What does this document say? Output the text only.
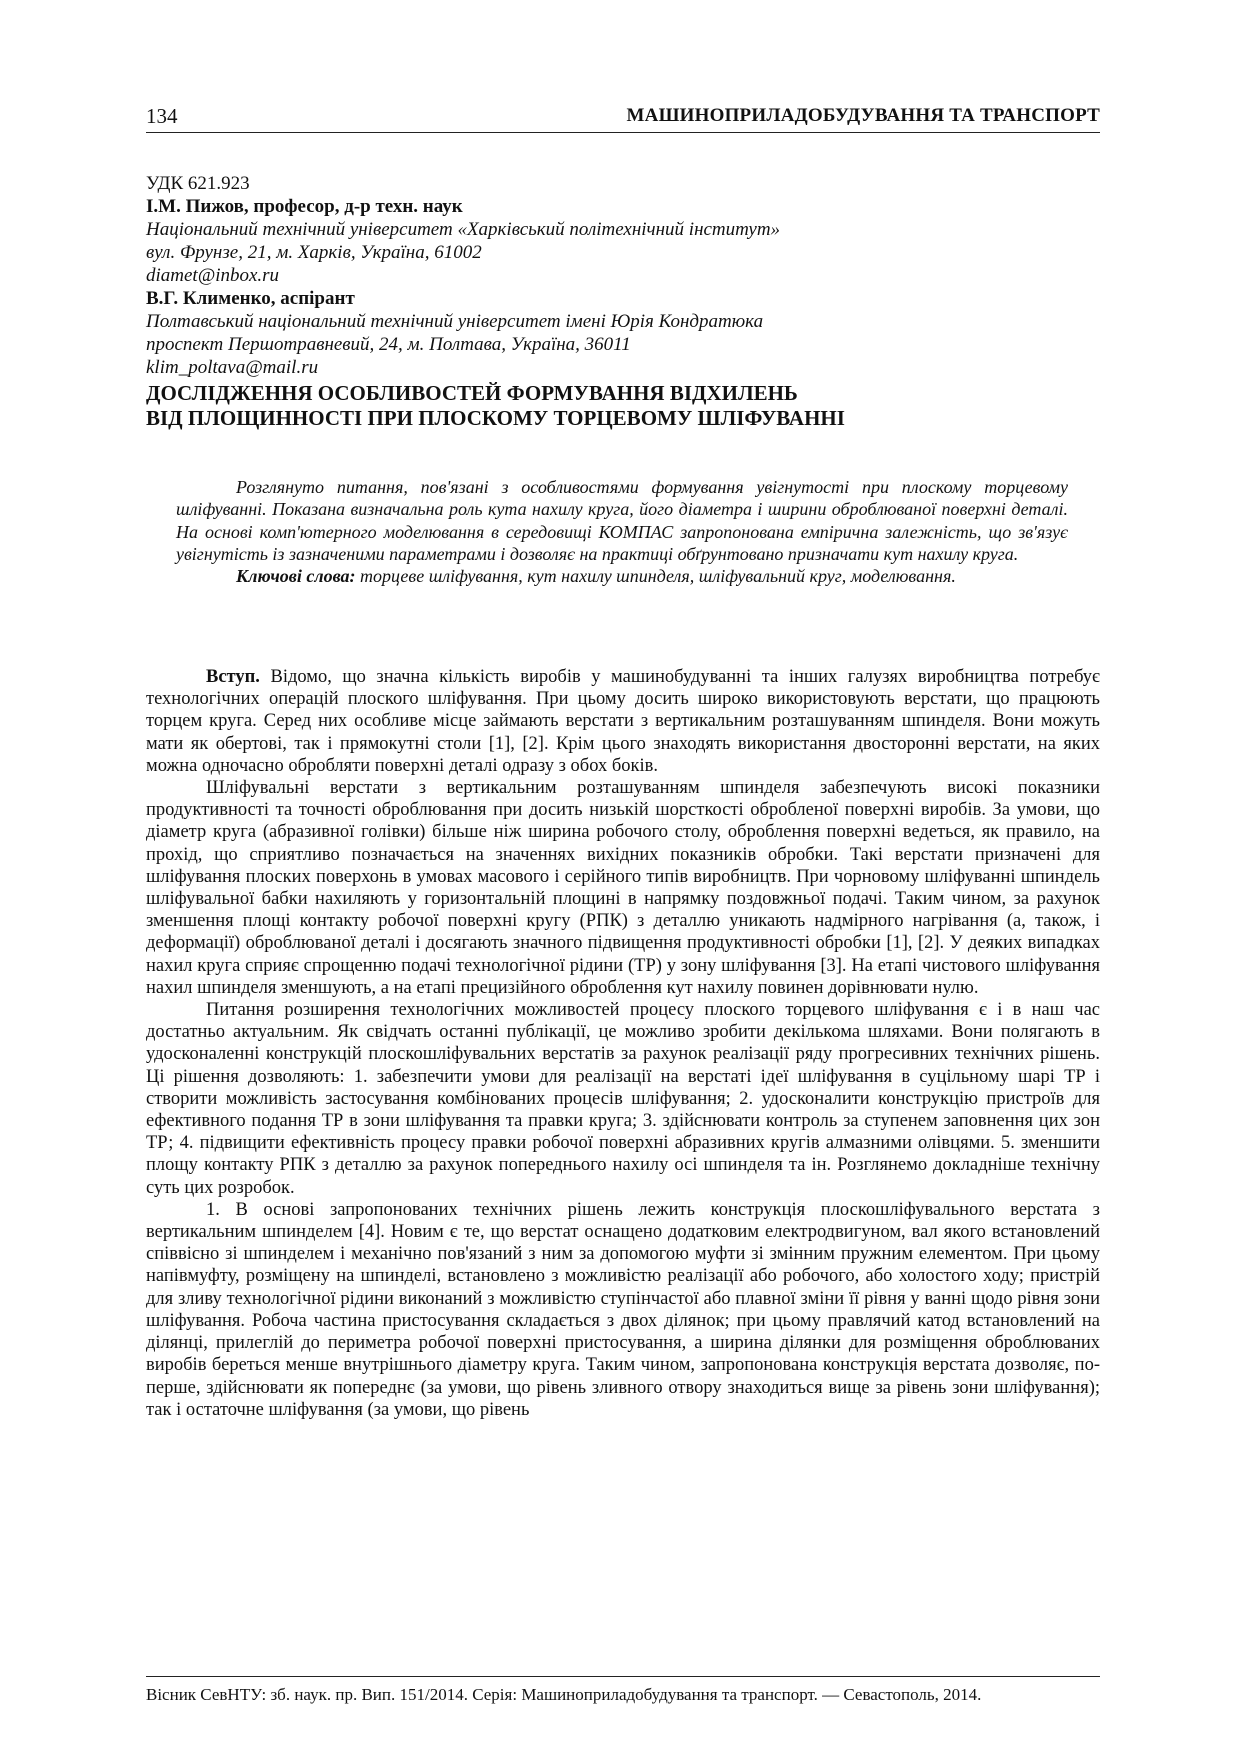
134	МАШИНОПРИЛАДОБУДУВАННЯ ТА ТРАНСПОРТ
УДК 621.923
І.М. Пижов, професор, д-р техн. наук
Національний технічний університет «Харківський політехнічний інститут»
вул. Фрунзе, 21, м. Харків, Україна, 61002
diamet@inbox.ru
В.Г. Клименко, аспірант
Полтавський національний технічний університет імені Юрія Кондратюка
проспект Першотравневий, 24, м. Полтава, Україна, 36011
klim_poltava@mail.ru
ДОСЛІДЖЕННЯ ОСОБЛИВОСТЕЙ ФОРМУВАННЯ ВІДХИЛЕНЬ
ВІД ПЛОЩИННОСТІ ПРИ ПЛОСКОМУ ТОРЦЕВОМУ ШЛІФУВАННІ

Розглянуто питання, пов'язані з особливостями формування увігнутості при плоскому торцевому шліфуванні. Показана визначальна роль кута нахилу круга, його діаметра і ширини оброблюваної поверхні деталі. На основі комп'ютерного моделювання в середовищі КОМПАС запропонована емпірична залежність, що зв'язує увігнутість із зазначеними параметрами і дозволяє на практиці обґрунтовано призначати кут нахилу круга.

Ключові слова: торцеве шліфування, кут нахилу шпинделя, шліфувальний круг, моделювання.

Вступ. Відомо, що значна кількість виробів у машинобудуванні та інших галузях виробництва потребує технологічних операцій плоского шліфування. При цьому досить широко використовують верстати, що працюють торцем круга. Серед них особливе місце займають верстати з вертикальним розташуванням шпинделя. Вони можуть мати як обертові, так і прямокутні столи [1], [2]. Крім цього знаходять використання двосторонні верстати, на яких можна одночасно обробляти поверхні деталі одразу з обох боків.

Шліфувальні верстати з вертикальним розташуванням шпинделя забезпечують високі показники продуктивності та точності оброблювання при досить низькій шорсткості обробленої поверхні виробів. За умови, що діаметр круга (абразивної голівки) більше ніж ширина робочого столу, оброблення поверхні ведеться, як правило, на прохід, що сприятливо позначається на значеннях вихідних показників обробки. Такі верстати призначені для шліфування плоских поверхонь в умовах масового і серійного типів виробництв. При чорновому шліфуванні шпиндель шліфувальної бабки нахиляють у горизонтальній площині в напрямку поздовжньої подачі. Таким чином, за рахунок зменшення площі контакту робочої поверхні кругу (РПК) з деталлю уникають надмірного нагрівання (а, також, і деформації) оброблюваної деталі і досягають значного підвищення продуктивності обробки [1], [2]. У деяких випадках нахил круга сприяє спрощенню подачі технологічної рідини (ТР) у зону шліфування [3]. На етапі чистового шліфування нахил шпинделя зменшують, а на етапі прецизійного оброблення кут нахилу повинен дорівнювати нулю.

Питання розширення технологічних можливостей процесу плоского торцевого шліфування є і в наш час достатньо актуальним. Як свідчать останні публікації, це можливо зробити декількома шляхами. Вони полягають в удосконаленні конструкцій плоскошліфувальних верстатів за рахунок реалізації ряду прогресивних технічних рішень. Ці рішення дозволяють: 1. забезпечити умови для реалізації на верстаті ідеї шліфування в суцільному шарі ТР і створити можливість застосування комбінованих процесів шліфування; 2. удосконалити конструкцію пристроїв для ефективного подання ТР в зони шліфування та правки круга; 3. здійснювати контроль за ступенем заповнення цих зон ТР; 4. підвищити ефективність процесу правки робочої поверхні абразивних кругів алмазними олівцями. 5. зменшити площу контакту РПК з деталлю за рахунок попереднього нахилу осі шпинделя та ін. Розглянемо докладніше технічну суть цих розробок.

1. В основі запропонованих технічних рішень лежить конструкція плоскошліфувального верстата з вертикальним шпинделем [4]. Новим є те, що верстат оснащено додатковим електродвигуном, вал якого встановлений співвісно зі шпинделем і механічно пов'язаний з ним за допомогою муфти зі змінним пружним елементом. При цьому напівмуфту, розміщену на шпинделі, встановлено з можливістю реалізації або робочого, або холостого ходу; пристрій для зливу технологічної рідини виконаний з можливістю ступінчастої або плавної зміни її рівня у ванні щодо рівня зони шліфування. Робоча частина пристосування складається з двох ділянок; при цьому правлячий катод встановлений на ділянці, прилеглій до периметра робочої поверхні пристосування, а ширина ділянки для розміщення оброблюваних виробів береться менше внутрішнього діаметру круга. Таким чином, запропонована конструкція верстата дозволяє, по-перше, здійснювати як попереднє (за умови, що рівень зливного отвору знаходиться вище за рівень зони шліфування); так і остаточне шліфування (за умови, що рівень

Вісник СевНТУ: зб. наук. пр. Вип. 151/2014. Серія: Машиноприладобудування та транспорт. — Севастополь, 2014.
